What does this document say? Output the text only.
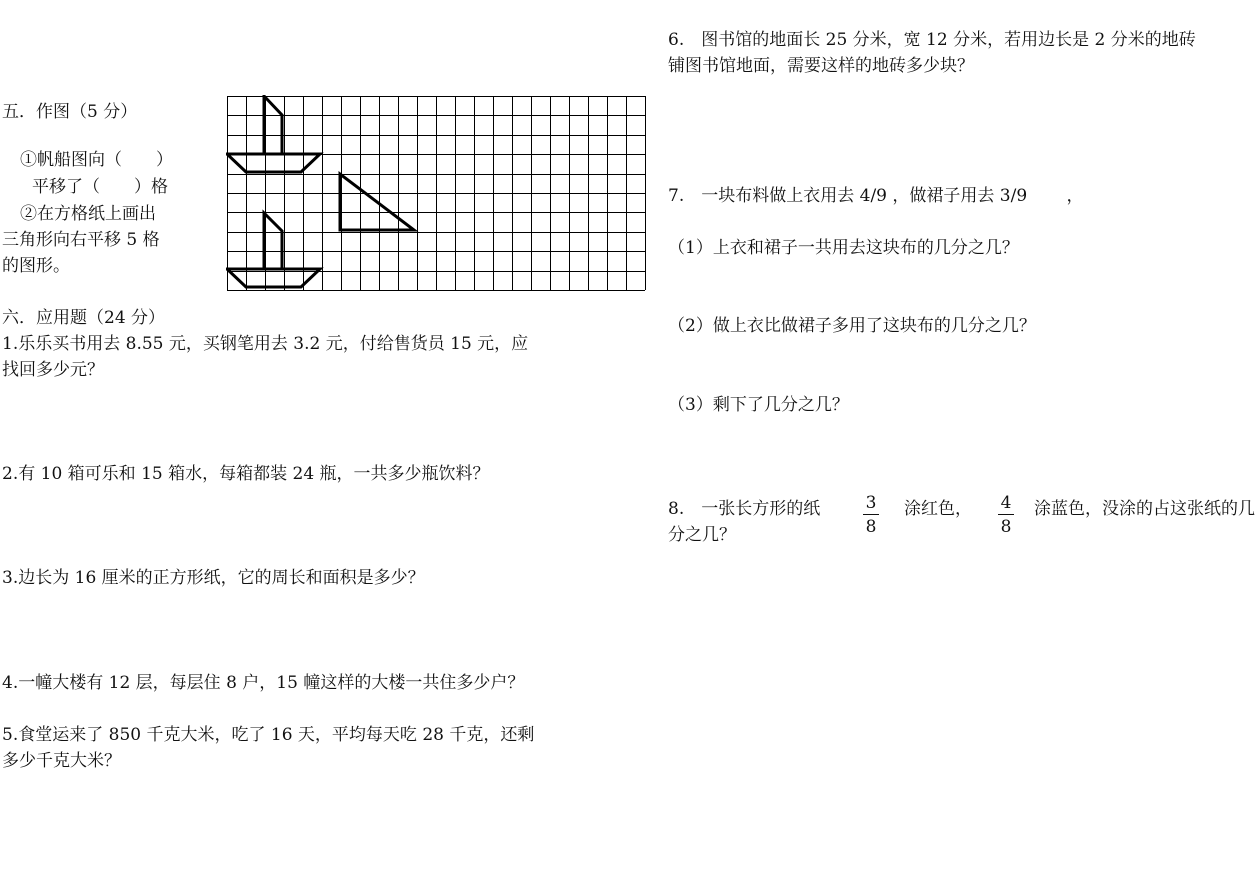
五．作图（5 分）
①帆船图向（　　）
平移了（　　）格
②在方格纸上画出
三角形向右平移 5 格
的图形。
六．应用题（24 分）
1.乐乐买书用去 8.55 元，买钢笔用去 3.2 元，付给售货员 15 元，应
找回多少元？
2.有 10 箱可乐和 15 箱水，每箱都装 24 瓶，一共多少瓶饮料？
3.边长为 16 厘米的正方形纸，它的周长和面积是多少？
4.一幢大楼有 12 层，每层住 8 户，15 幢这样的大楼一共住多少户？
5.食堂运来了 850 千克大米，吃了 16 天，平均每天吃 28 千克，还剩
多少千克大米？
6.　图书馆的地面长 25 分米，宽 12 分米，若用边长是 2 分米的地砖
铺图书馆地面，需要这样的地砖多少块？
7.　一块布料做上衣用去 4/9 ，做裙子用去 3/9　　 ，
（1）上衣和裙子一共用去这块布的几分之几？
（2）做上衣比做裙子多用了这块布的几分之几？
（3）剩下了几分之几？
8.　一张长方形的纸	$\frac{3}{8}$ 涂红色， $\frac{4}{8}$ 涂蓝色，没涂的占这张纸的几
分之几？
